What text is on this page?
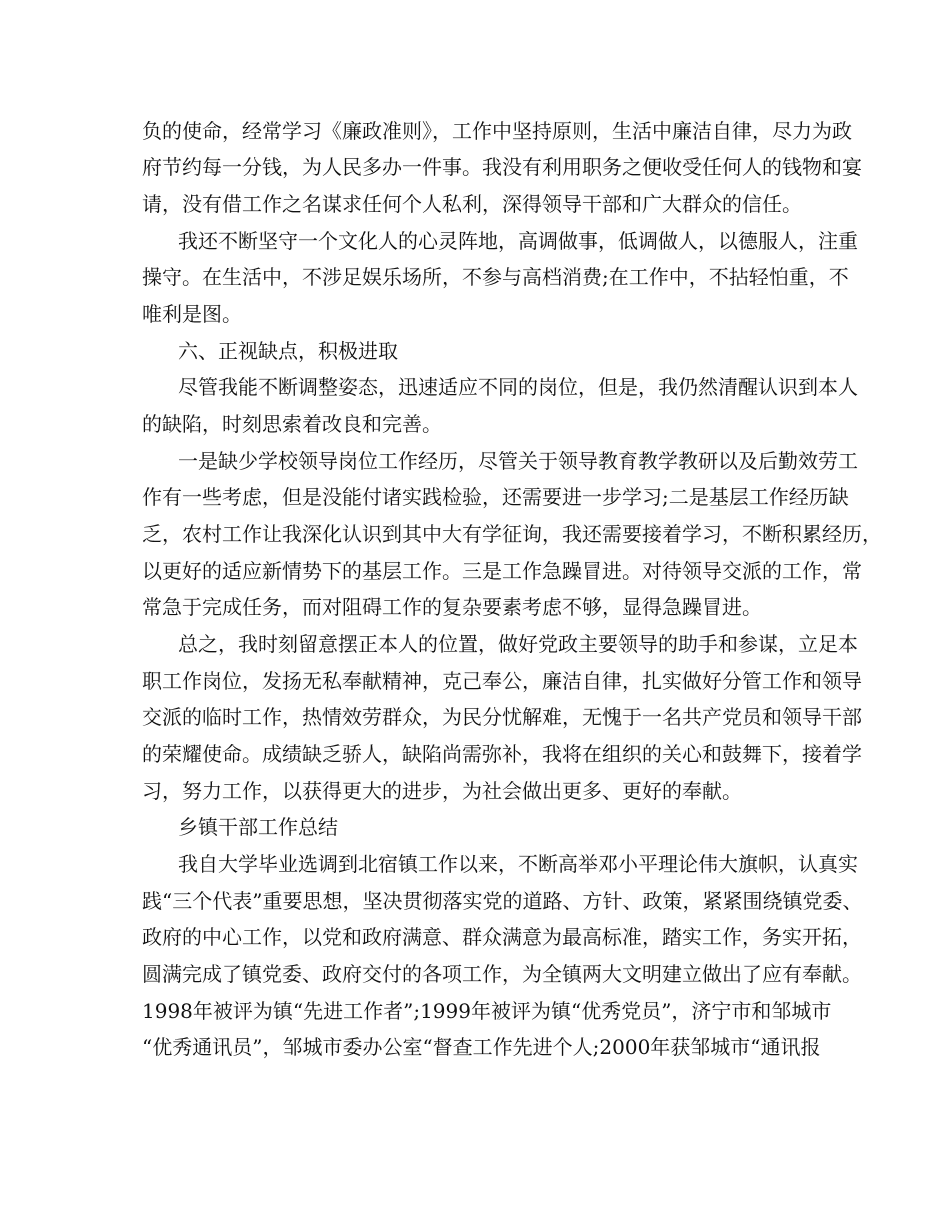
负的使命，经常学习《廉政准则》，工作中坚持原则，生活中廉洁自律，尽力为政
府节约每一分钱，为人民多办一件事。我没有利用职务之便收受任何人的钱物和宴
请，没有借工作之名谋求任何个人私利，深得领导干部和广大群众的信任。
我还不断坚守一个文化人的心灵阵地，高调做事，低调做人，以德服人，注重
操守。在生活中，不涉足娱乐场所，不参与高档消费;在工作中，不拈轻怕重，不
唯利是图。
六、正视缺点，积极进取
尽管我能不断调整姿态，迅速适应不同的岗位，但是，我仍然清醒认识到本人
的缺陷，时刻思索着改良和完善。
一是缺少学校领导岗位工作经历，尽管关于领导教育教学教研以及后勤效劳工
作有一些考虑，但是没能付诸实践检验，还需要进一步学习;二是基层工作经历缺
乏，农村工作让我深化认识到其中大有学征询，我还需要接着学习，不断积累经历，
以更好的适应新情势下的基层工作。三是工作急躁冒进。对待领导交派的工作，常
常急于完成任务，而对阻碍工作的复杂要素考虑不够，显得急躁冒进。
总之，我时刻留意摆正本人的位置，做好党政主要领导的助手和参谋，立足本
职工作岗位，发扬无私奉献精神，克己奉公，廉洁自律，扎实做好分管工作和领导
交派的临时工作，热情效劳群众，为民分忧解难，无愧于一名共产党员和领导干部
的荣耀使命。成绩缺乏骄人，缺陷尚需弥补，我将在组织的关心和鼓舞下，接着学
习，努力工作，以获得更大的进步，为社会做出更多、更好的奉献。
乡镇干部工作总结
我自大学毕业选调到北宿镇工作以来，不断高举邓小平理论伟大旗帜，认真实
践“三个代表”重要思想，坚决贯彻落实党的道路、方针、政策，紧紧围绕镇党委、
政府的中心工作，以党和政府满意、群众满意为最高标准，踏实工作，务实开拓，
圆满完成了镇党委、政府交付的各项工作，为全镇两大文明建立做出了应有奉献。
1998年被评为镇“先进工作者”;1999年被评为镇“优秀党员”，济宁市和邹城市
“优秀通讯员”，邹城市委办公室“督查工作先进个人;2000年获邹城市“通讯报
